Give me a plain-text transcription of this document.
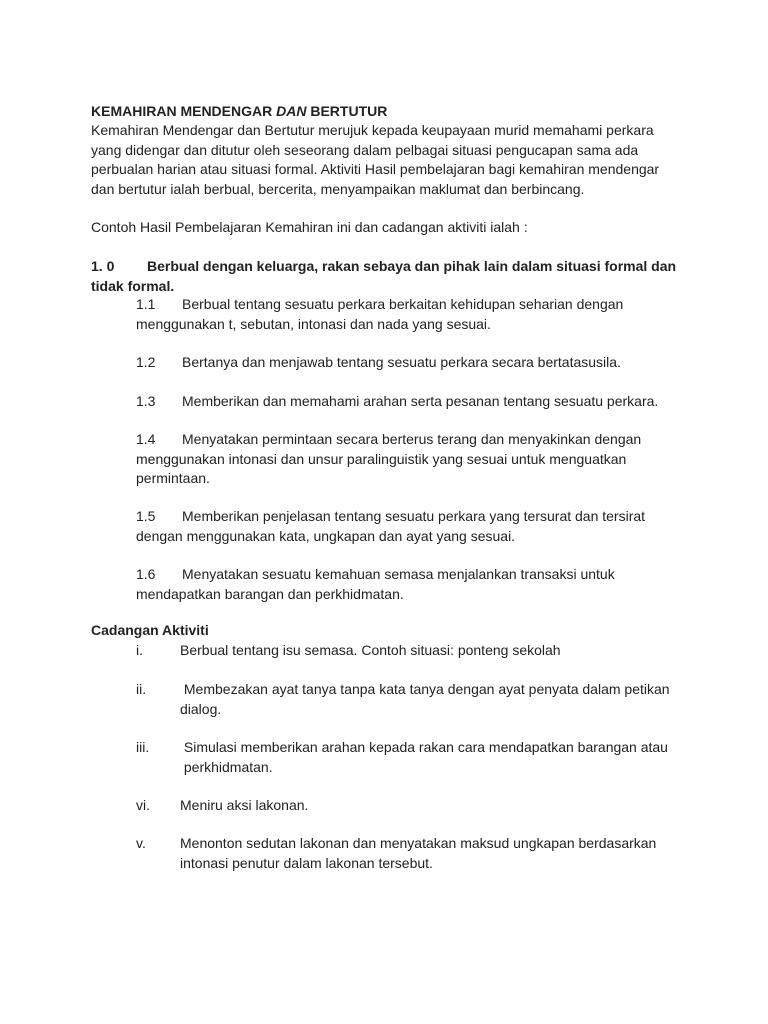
KEMAHIRAN MENDENGAR DAN BERTUTUR

Kemahiran Mendengar dan Bertutur merujuk kepada keupayaan murid memahami perkara
yang didengar dan ditutur oleh seseorang dalam pelbagai situasi pengucapan sama ada
perbualan harian atau situasi formal. Aktiviti Hasil pembelajaran bagi kemahiran mendengar
dan bertutur ialah berbual, bercerita, menyampaikan maklumat dan berbincang.

Contoh Hasil Pembelajaran Kemahiran ini dan cadangan aktiviti ialah :

1. 0 Berbual dengan keluarga, rakan sebaya dan pihak lain dalam situasi formal dan
tidak formal.

1.1 Berbual tentang sesuatu perkara berkaitan kehidupan seharian dengan
menggunakan t, sebutan, intonasi dan nada yang sesuai.

1.2 Bertanya dan menjawab tentang sesuatu perkara secara bertatasusila.

1.3 Memberikan dan memahami arahan serta pesanan tentang sesuatu perkara.

1.4 Menyatakan permintaan secara berterus terang dan menyakinkan dengan
menggunakan intonasi dan unsur paralinguistik yang sesuai untuk menguatkan
permintaan.

1.5 Memberikan penjelasan tentang sesuatu perkara yang tersurat dan tersirat
dengan menggunakan kata, ungkapan dan ayat yang sesuai.

1.6 Menyatakan sesuatu kemahuan semasa menjalankan transaksi untuk
mendapatkan barangan dan perkhidmatan.

Cadangan Aktiviti

i.	Berbual tentang isu semasa. Contoh situasi: ponteng sekolah

ii. Membezakan ayat tanya tanpa kata tanya dengan ayat penyata dalam petikan
dialog.

iii. Simulasi memberikan arahan kepada rakan cara mendapatkan barangan atau
perkhidmatan.

vi. Meniru aksi lakonan.

v. Menonton sedutan lakonan dan menyatakan maksud ungkapan berdasarkan
intonasi penutur dalam lakonan tersebut.
